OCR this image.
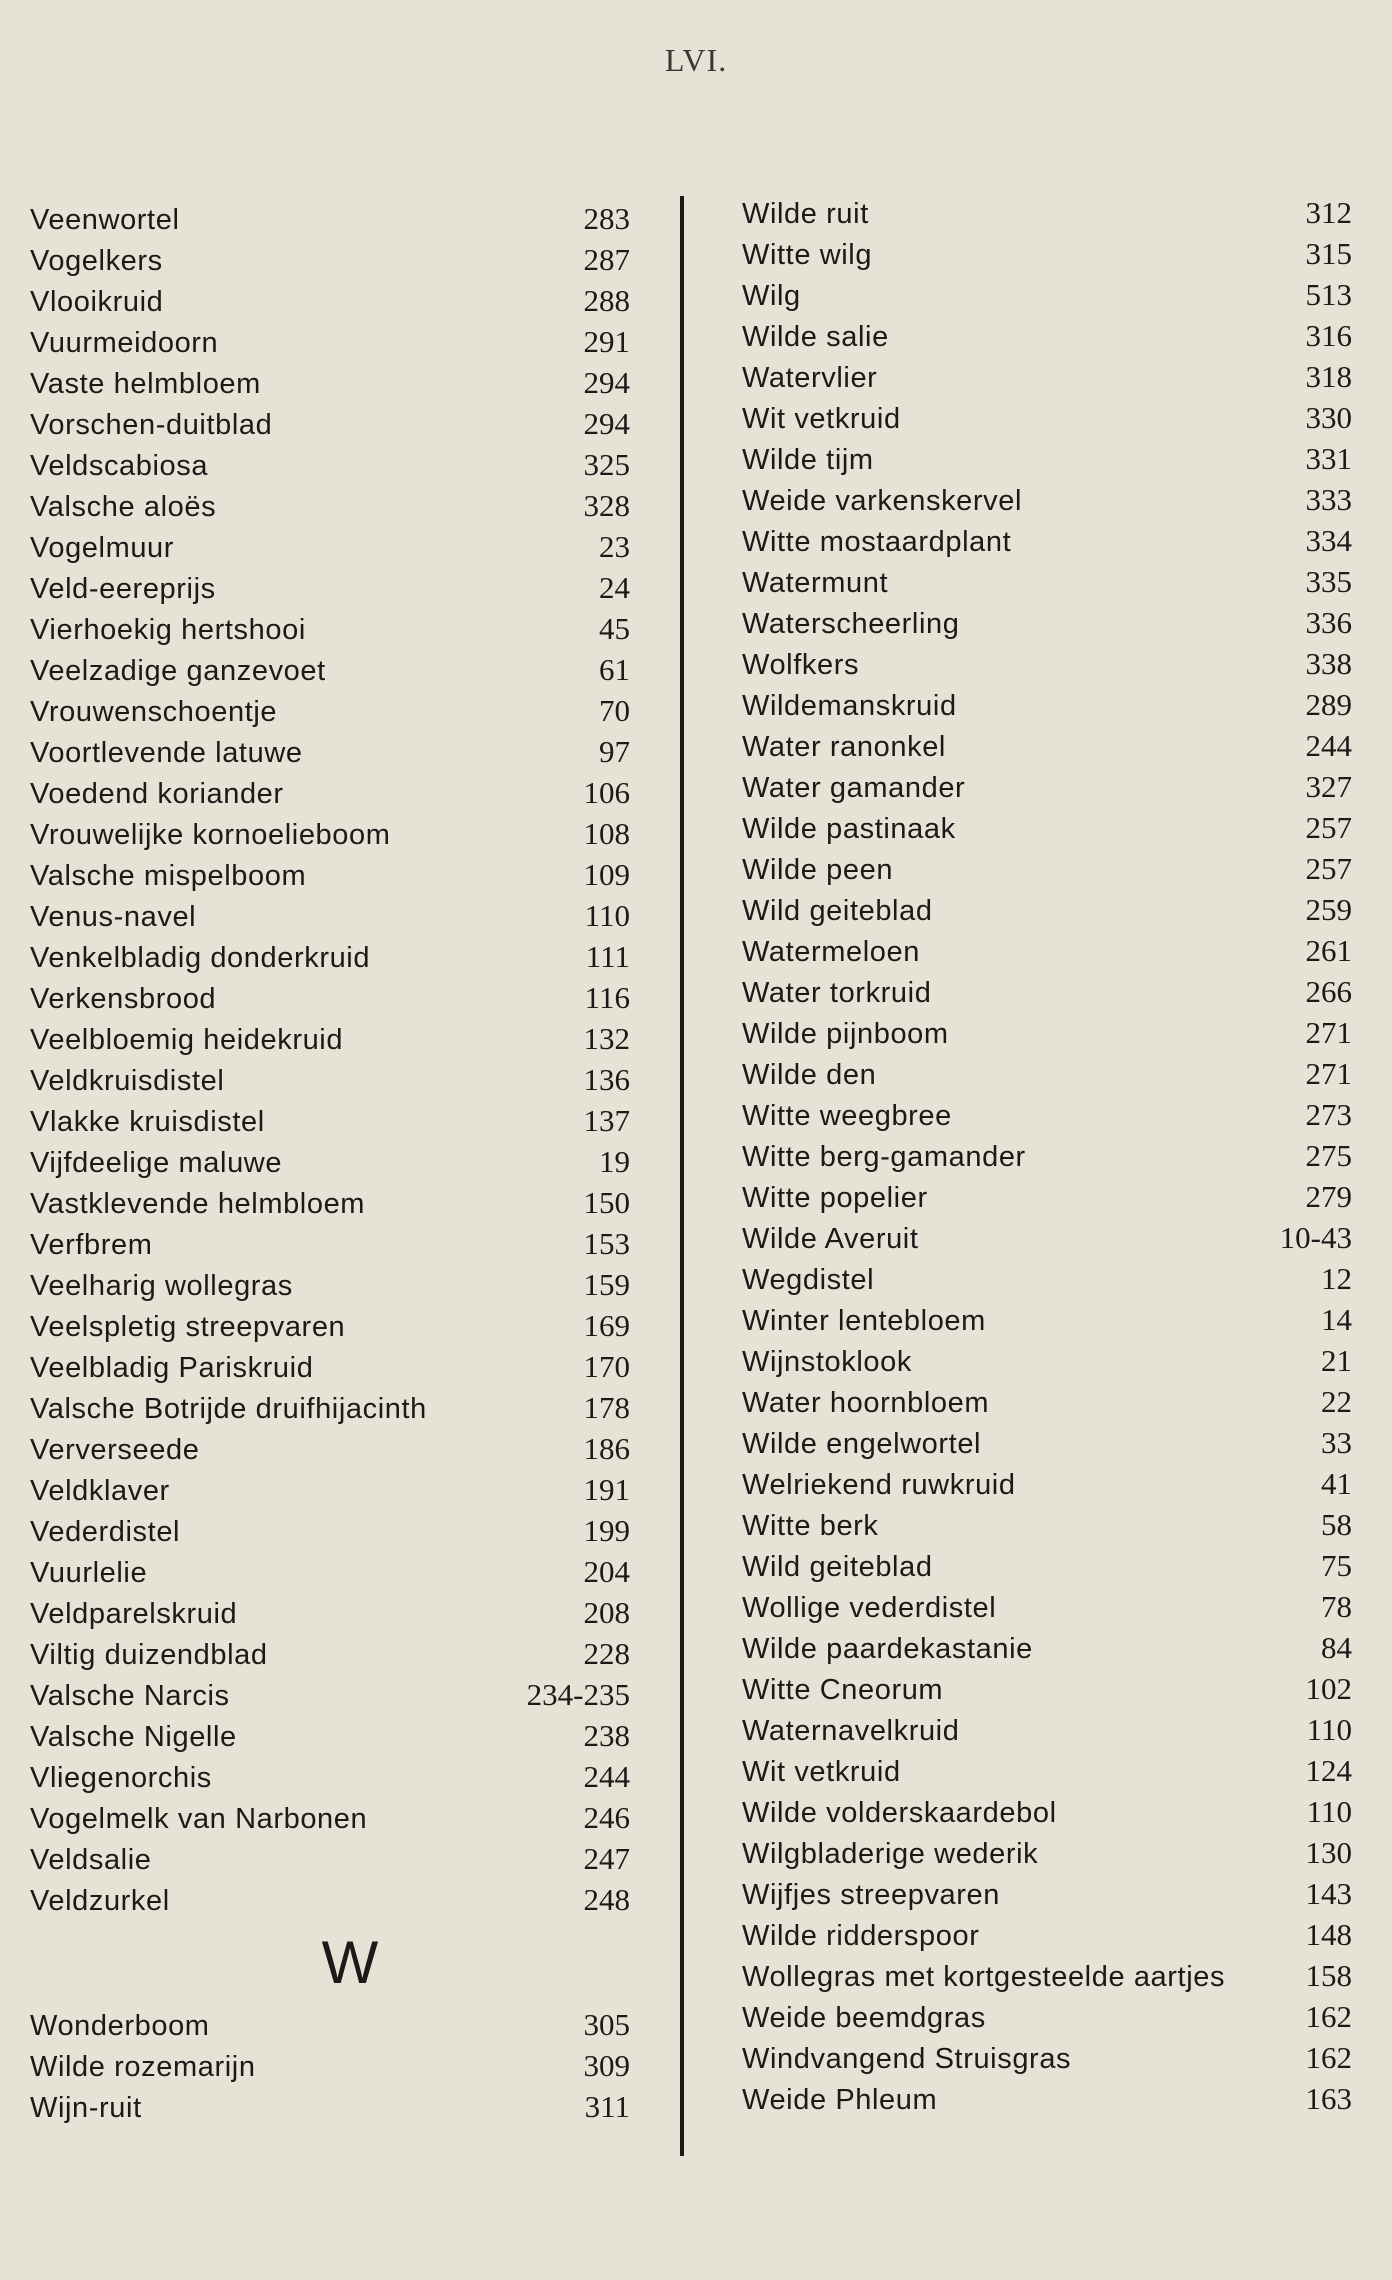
LVI.
Veenwortel	283
Vogelkers	287
Vlooikruid	288
Vuurmeidoorn	291
Vaste helmbloem	294
Vorschen-duitblad	294
Veldscabiosa	325
Valsche aloës	328
Vogelmuur	23
Veld-eereprijs	24
Vierhoekig hertshooi	45
Veelzadige ganzevoet	61
Vrouwenschoentje	70
Voortlevende latuwe	97
Voedend koriander	106
Vrouwelijke kornoelieboom	108
Valsche mispelboom	109
Venus-navel	110
Venkelbladig donderkruid	111
Verkensbrood	116
Veelbloemig heidekruid	132
Veldkruisdistel	136
Vlakke kruisdistel	137
Vijfdeelige maluwe	19
Vastklevende helmbloem	150
Verfbrem	153
Veelharig wollegras	159
Veelspletig streepvaren	169
Veelbladig Pariskruid	170
Valsche Botrijde druifhijacinth	178
Ververseede	186
Veldklaver	191
Vederdistel	199
Vuurlelie	204
Veldparelskruid	208
Viltig duizendblad	228
Valsche Narcis	234-235
Valsche Nigelle	238
Vliegenorchis	244
Vogelmelk van Narbonen	246
Veldsalie	247
Veldzurkel	248
W
Wonderboom	305
Wilde rozemarijn	309
Wijn-ruit	311
Wilde ruit	312
Witte wilg	315
Wilg	513
Wilde salie	316
Watervlier	318
Wit vetkruid	330
Wilde tijm	331
Weide varkenskervel	333
Witte mostaardplant	334
Watermunt	335
Waterscheerling	336
Wolfkers	338
Wildemanskruid	289
Water ranonkel	244
Water gamander	327
Wilde pastinaak	257
Wilde peen	257
Wild geiteblad	259
Watermeloen	261
Water torkruid	266
Wilde pijnboom	271
Wilde den	271
Witte weegbree	273
Witte berg-gamander	275
Witte popelier	279
Wilde Averuit	10-43
Wegdistel	12
Winter lentebloem	14
Wijnstoklook	21
Water hoornbloem	22
Wilde engelwortel	33
Welriekend ruwkruid	41
Witte berk	58
Wild geiteblad	75
Wollige vederdistel	78
Wilde paardekastanie	84
Witte Cneorum	102
Waternavelkruid	110
Wit vetkruid	124
Wilde volderskaardebol	110
Wilgbladerige wederik	130
Wijfjes streepvaren	143
Wilde ridderspoor	148
Wollegras met kortgesteelde aartjes	158
Weide beemdgras	162
Windvangend Struisgras	162
Weide Phleum	163
